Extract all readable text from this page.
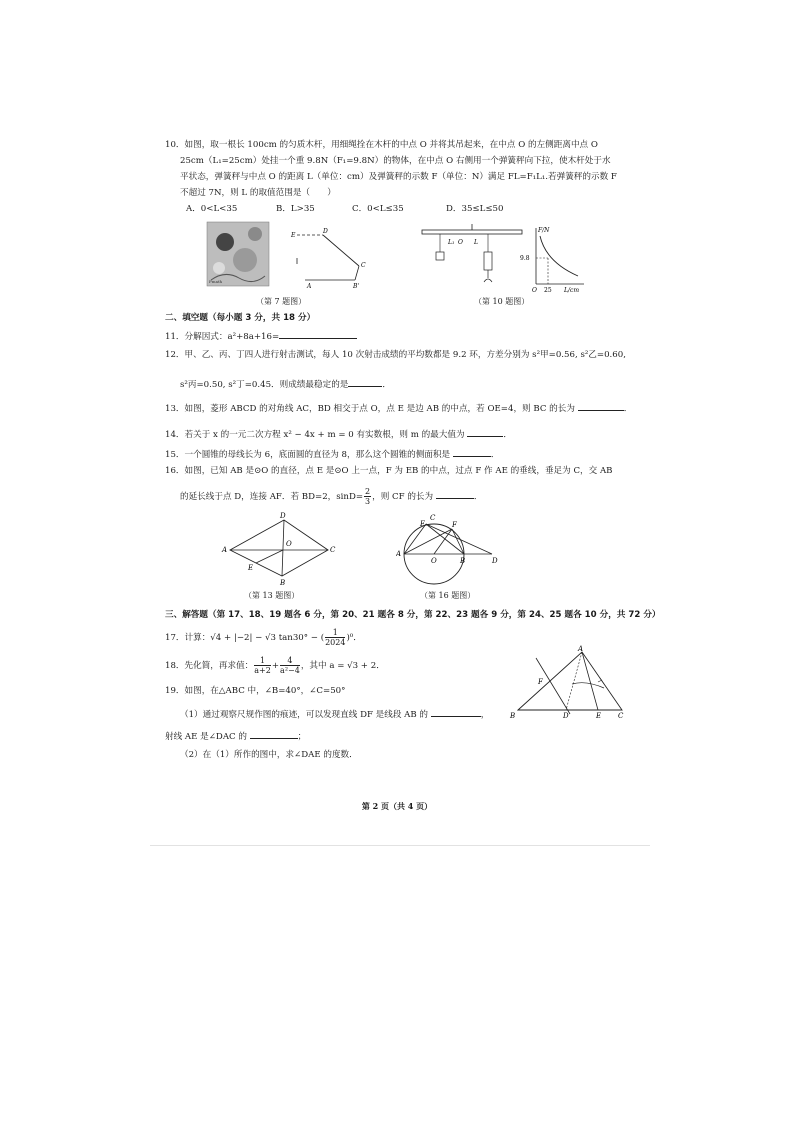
10．如图，取一根长 100cm 的匀质木杆，用细绳拴在木杆的中点 O 并将其吊起来，在中点 O 的左侧距离中点 O
25cm（L₁=25cm）处挂一个重 9.8N（F₁=9.8N）的物体，在中点 O 右侧用一个弹簧秤向下拉，使木杆处于水
平状态，弹簧秤与中点 O 的距离 L（单位：cm）及弹簧秤的示数 F（单位：N）满足 FL=F₁L₁.若弹簧秤的示数 F
不超过 7N，则 L 的取值范围是（　　）
A．0<L<35	B．L>35	C．0<L≤35	D．35≤L≤50
Fmath
E
D
C
A	B'
（第 7 题图）
L₁ O L
F/N
9.8
O 25 L/cm
（第 10 题图）
二、填空题（每小题 3 分，共 18 分）
11．分解因式：a²+8a+16=
12．甲、乙、丙、丁四人进行射击测试，每人 10 次射击成绩的平均数都是 9.2 环，方差分别为 s²甲=0.56, s²乙=0.60,
s²丙=0.50, s²丁=0.45．则成绩最稳定的是	．
13．如图，菱形 ABCD 的对角线 AC，BD 相交于点 O，点 E 是边 AB 的中点，若 OE=4，则 BC 的长为	．
14．若关于 x 的一元二次方程 x² − 4x + m = 0 有实数根，则 m 的最大值为	．
15．一个圆锥的母线长为 6，底面圆的直径为 8，那么这个圆锥的侧面积是	．
16．如图，已知 AB 是⊙O 的直径，点 E 是⊙O 上一点，F 为 EB 的中点，过点 F 作 AE 的垂线，垂足为 C，交 AB
的延长线于点 D，连接 AF．若 BD=2，$\sin D= \frac{2}{3}$ ，则 CF 的长为	．
A
D
C
B
O
E
（第 13 题图）
A
C
E	F
O	B	D
（第 16 题图）
三、解答题（第 17、18、19 题各 6 分，第 20、21 题各 8 分，第 22、23 题各 9 分，第 24、25 题各 10 分，共 72 分）
17．计算：√4 + |−2| − √3 tan30° − ( $\frac{1}{2024} )^0$．
18．先化简，再求值： $\frac{1}{a+2} + \frac{4}{\text{a²−4}}$ ，其中 a = √3 + 2．
19．如图，在△ABC 中，∠B=40°，∠C=50°
（1）通过观察尺规作图的痕迹，可以发现直线 DF 是线段 AB 的	，
射线 AE 是∠DAC 的	；
（2）在（1）所作的图中，求∠DAE 的度数．
A
B	C
D	E
F
第 2 页（共 4 页）
